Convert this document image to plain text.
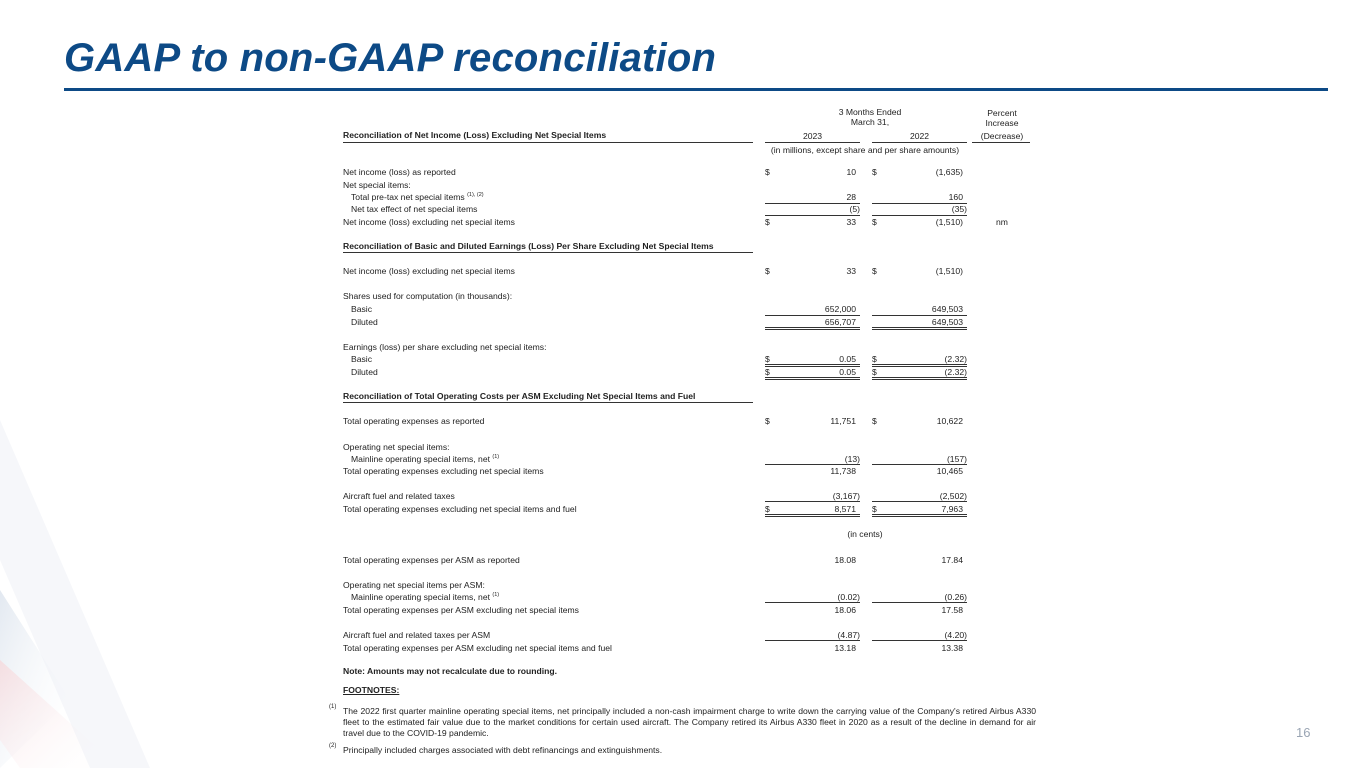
GAAP to non-GAAP reconciliation
3 Months Ended
March 31,
Percent
Increase
Reconciliation of Net Income (Loss) Excluding Net Special Items	2023	2022	(Decrease)
(in millions, except share and per share amounts)
Net income (loss) as reported	$	10 $	(1,635)
Net special items:
Total pre-tax net special items $^{(1), (2)}$	28	160
Net tax effect of net special items	(5)	(35)
Net income (loss) excluding net special items	$	33 $	(1,510)	nm
Reconciliation of Basic and Diluted Earnings (Loss) Per Share Excluding Net Special Items
Net income (loss) excluding net special items	$	33 $	(1,510)
Shares used for computation (in thousands):
Basic	652,000	649,503
Diluted	656,707	649,503
Earnings (loss) per share excluding net special items:
Basic	$	0.05 $	(2.32)
Diluted	$	0.05 $	(2.32)
Reconciliation of Total Operating Costs per ASM Excluding Net Special Items and Fuel
Total operating expenses as reported	$	11,751 $	10,622
Operating net special items:
Mainline operating special items, net $^{(1)}$	(13)	(157)
Total operating expenses excluding net special items	11,738	10,465
Aircraft fuel and related taxes	(3,167)	(2,502)
Total operating expenses excluding net special items and fuel	$	8,571 $	7,963
(in cents)
Total operating expenses per ASM as reported	18.08	17.84
Operating net special items per ASM:
Mainline operating special items, net $^{(1)}$	(0.02)	(0.26)
Total operating expenses per ASM excluding net special items	18.06	17.58
Aircraft fuel and related taxes per ASM	(4.87)	(4.20)
Total operating expenses per ASM excluding net special items and fuel	13.18	13.38
Note: Amounts may not recalculate due to rounding.
FOOTNOTES:
(1) The 2022 first quarter mainline operating special items, net principally included a non-cash impairment charge to write down the carrying value of the Company's retired Airbus A330 fleet to the estimated fair value due to the market conditions for certain used aircraft. The Company retired its Airbus A330 fleet in 2020 as a result of the decline in demand for air travel due to the COVID-19 pandemic.
(2) Principally included charges associated with debt refinancings and extinguishments.
16
